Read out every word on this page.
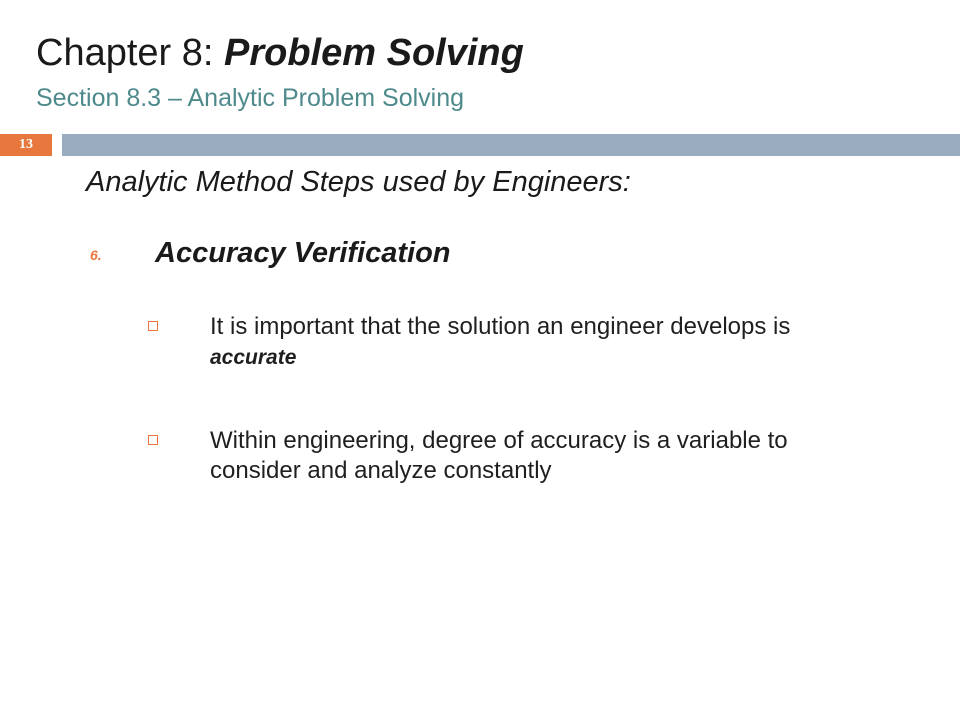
Chapter 8: Problem Solving
Section 8.3 – Analytic Problem Solving
13
Analytic Method Steps used by Engineers:
6. Accuracy Verification
It is important that the solution an engineer develops is accurate
Within engineering, degree of accuracy is a variable to consider and analyze constantly
